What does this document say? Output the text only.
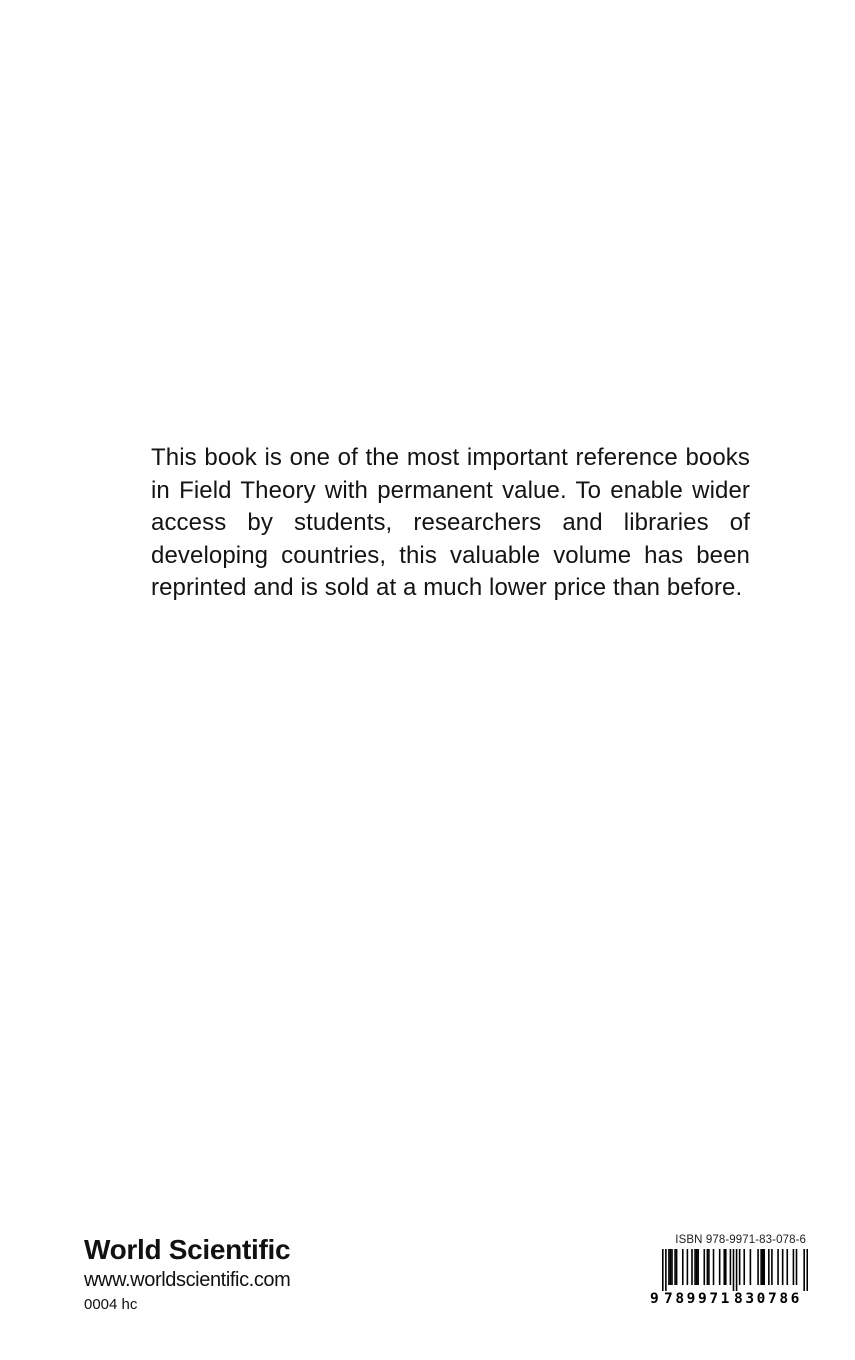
This book is one of the most important reference books in Field Theory with permanent value. To enable wider access by students, researchers and libraries of developing countries, this valuable volume has been reprinted and is sold at a much lower price than before.

World Scientific
www.worldscientific.com
0004 hc
ISBN 978-9971-83-078-6
9 789971 830786
